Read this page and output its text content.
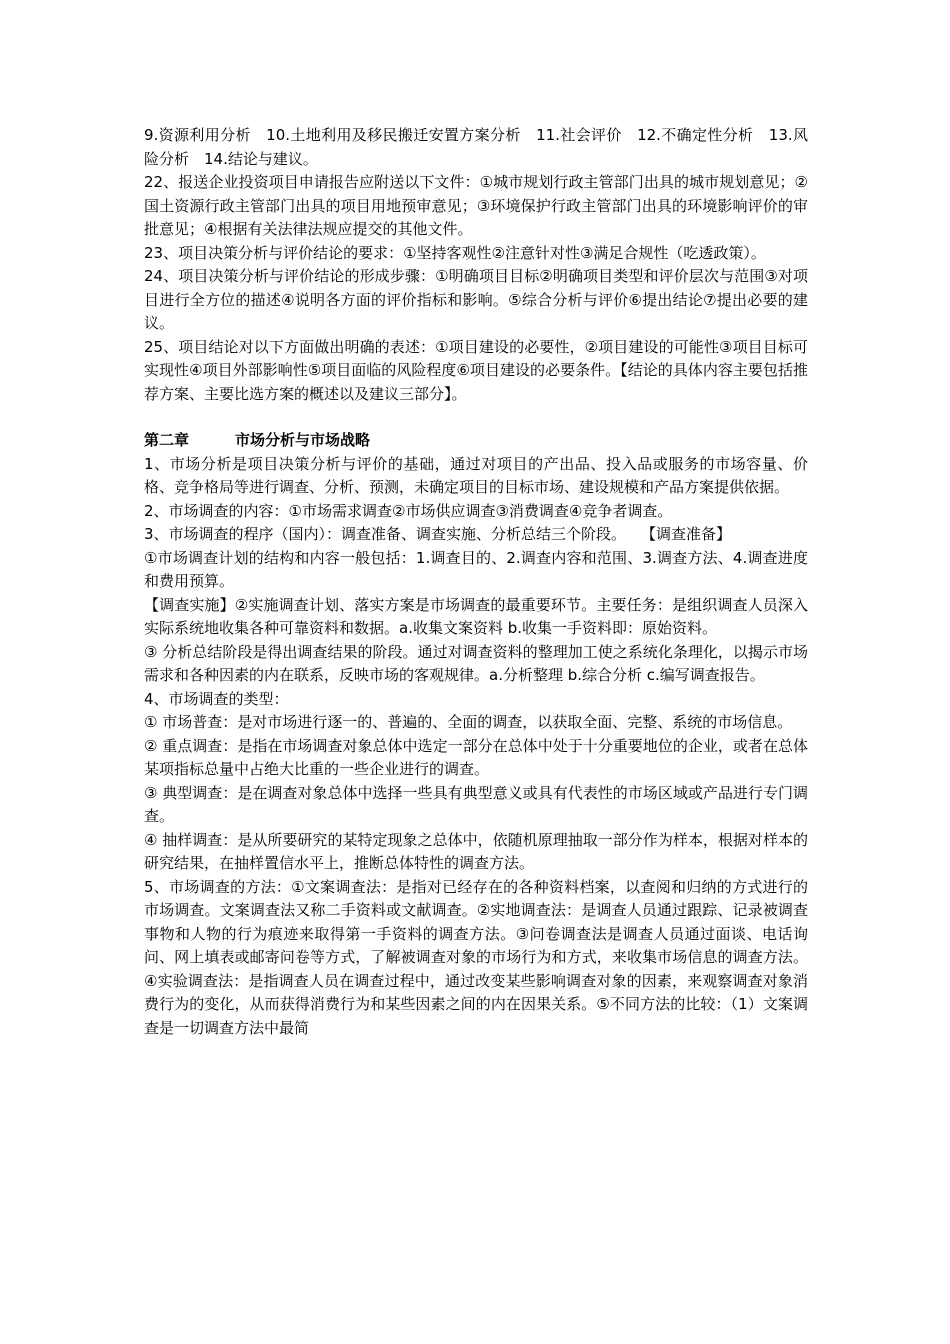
9.资源利用分析　10.土地利用及移民搬迁安置方案分析　11.社会评价　12.不确定性分析　13.风险分析　14.结论与建议。

22、报送企业投资项目申请报告应附送以下文件：①城市规划行政主管部门出具的城市规划意见；②国土资源行政主管部门出具的项目用地预审意见；③环境保护行政主管部门出具的环境影响评价的审批意见；④根据有关法律法规应提交的其他文件。

23、项目决策分析与评价结论的要求：①坚持客观性②注意针对性③满足合规性（吃透政策）。

24、项目决策分析与评价结论的形成步骤：①明确项目目标②明确项目类型和评价层次与范围③对项目进行全方位的描述④说明各方面的评价指标和影响。⑤综合分析与评价⑥提出结论⑦提出必要的建议。

25、项目结论对以下方面做出明确的表述：①项目建设的必要性，②项目建设的可能性③项目目标可实现性④项目外部影响性⑤项目面临的风险程度⑥项目建设的必要条件。【结论的具体内容主要包括推荐方案、主要比选方案的概述以及建议三部分】。

第二章	市场分析与市场战略

1、市场分析是项目决策分析与评价的基础，通过对项目的产出品、投入品或服务的市场容量、价格、竞争格局等进行调查、分析、预测，未确定项目的目标市场、建设规模和产品方案提供依据。

2、市场调查的内容：①市场需求调查②市场供应调查③消费调查④竞争者调查。

3、市场调查的程序（国内）：调查准备、调查实施、分析总结三个阶段。　　【调查准备】

①市场调查计划的结构和内容一般包括：1.调查目的、2.调查内容和范围、3.调查方法、4.调查进度和费用预算。

【调查实施】②实施调查计划、落实方案是市场调查的最重要环节。主要任务：是组织调查人员深入实际系统地收集各种可靠资料和数据。a.收集文案资料 b.收集一手资料即：原始资料。

③ 分析总结阶段是得出调查结果的阶段。通过对调查资料的整理加工使之系统化条理化，以揭示市场需求和各种因素的内在联系，反映市场的客观规律。a.分析整理 b.综合分析 c.编写调查报告。

4、市场调查的类型：

① 市场普查：是对市场进行逐一的、普遍的、全面的调查，以获取全面、完整、系统的市场信息。

② 重点调查：是指在市场调查对象总体中选定一部分在总体中处于十分重要地位的企业，或者在总体某项指标总量中占绝大比重的一些企业进行的调查。

③ 典型调查：是在调查对象总体中选择一些具有典型意义或具有代表性的市场区域或产品进行专门调查。

④ 抽样调查：是从所要研究的某特定现象之总体中，依随机原理抽取一部分作为样本，根据对样本的研究结果，在抽样置信水平上，推断总体特性的调查方法。

5、市场调查的方法：①文案调查法：是指对已经存在的各种资料档案，以查阅和归纳的方式进行的市场调查。文案调查法又称二手资料或文献调查。②实地调查法：是调查人员通过跟踪、记录被调查事物和人物的行为痕迹来取得第一手资料的调查方法。③问卷调查法是调查人员通过面谈、电话询问、网上填表或邮寄问卷等方式，了解被调查对象的市场行为和方式，来收集市场信息的调查方法。④实验调查法：是指调查人员在调查过程中，通过改变某些影响调查对象的因素，来观察调查对象消费行为的变化，从而获得消费行为和某些因素之间的内在因果关系。⑤不同方法的比较：（1）文案调查是一切调查方法中最简
